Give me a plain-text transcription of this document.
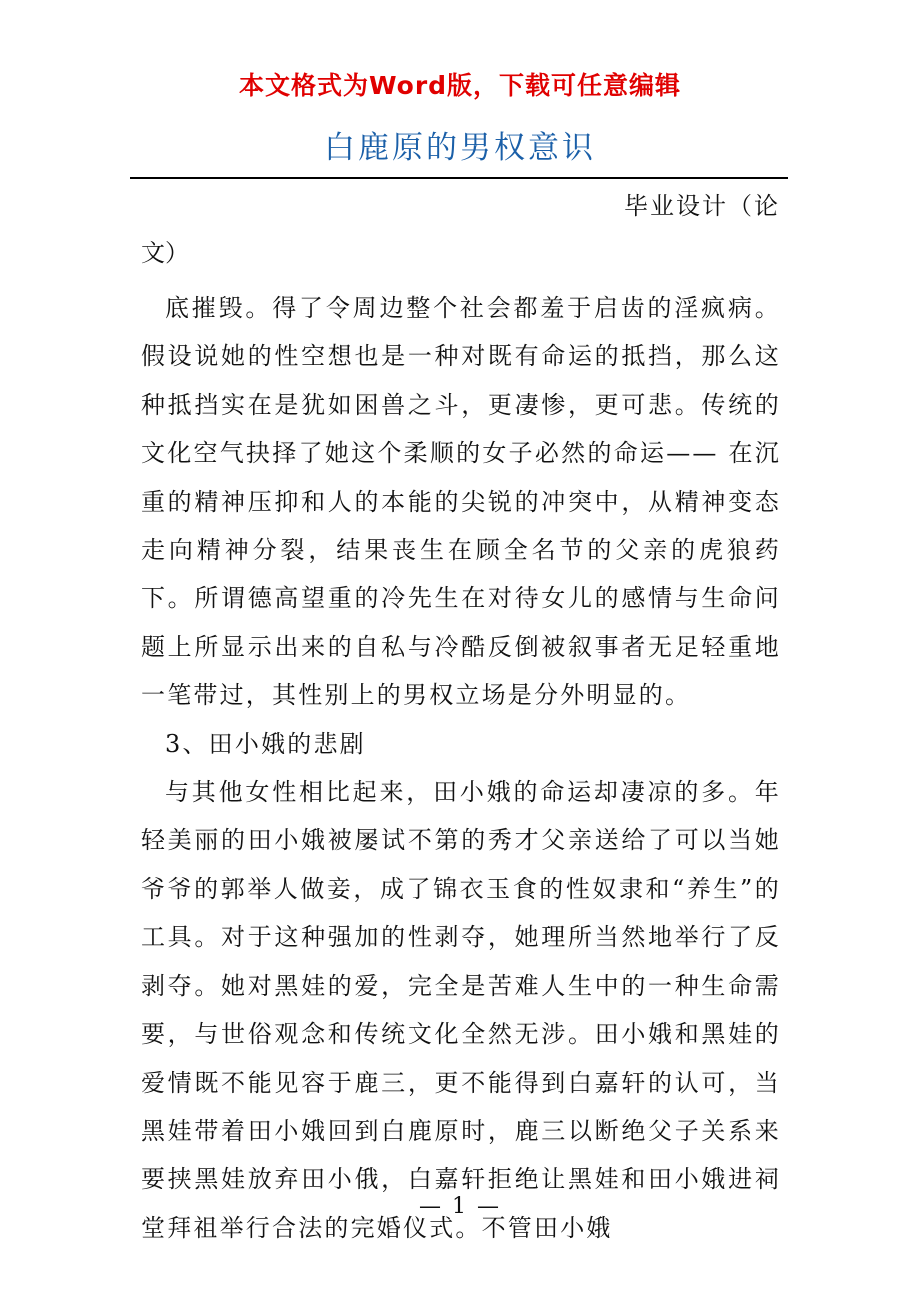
本文格式为Word版，下载可任意编辑
白鹿原的男权意识
毕业设计（论
文）

底摧毁。得了令周边整个社会都羞于启齿的淫疯病。假设说她的性空想也是一种对既有命运的抵挡，那么这种抵挡实在是犹如困兽之斗，更凄惨，更可悲。传统的文化空气抉择了她这个柔顺的女子必然的命运—— 在沉重的精神压抑和人的本能的尖锐的冲突中，从精神变态走向精神分裂，结果丧生在顾全名节的父亲的虎狼药下。所谓德高望重的冷先生在对待女儿的感情与生命问题上所显示出来的自私与冷酷反倒被叙事者无足轻重地一笔带过，其性别上的男权立场是分外明显的。

3、田小娥的悲剧

与其他女性相比起来，田小娥的命运却凄凉的多。年轻美丽的田小娥被屡试不第的秀才父亲送给了可以当她爷爷的郭举人做妾，成了锦衣玉食的性奴隶和“养生”的工具。对于这种强加的性剥夺，她理所当然地举行了反剥夺。她对黑娃的爱，完全是苦难人生中的一种生命需要，与世俗观念和传统文化全然无涉。田小娥和黑娃的爱情既不能见容于鹿三，更不能得到白嘉轩的认可，当黑娃带着田小娥回到白鹿原时，鹿三以断绝父子关系来要挟黑娃放弃田小俄，白嘉轩拒绝让黑娃和田小娥进祠堂拜祖举行合法的完婚仪式。不管田小娥

— 1 —
